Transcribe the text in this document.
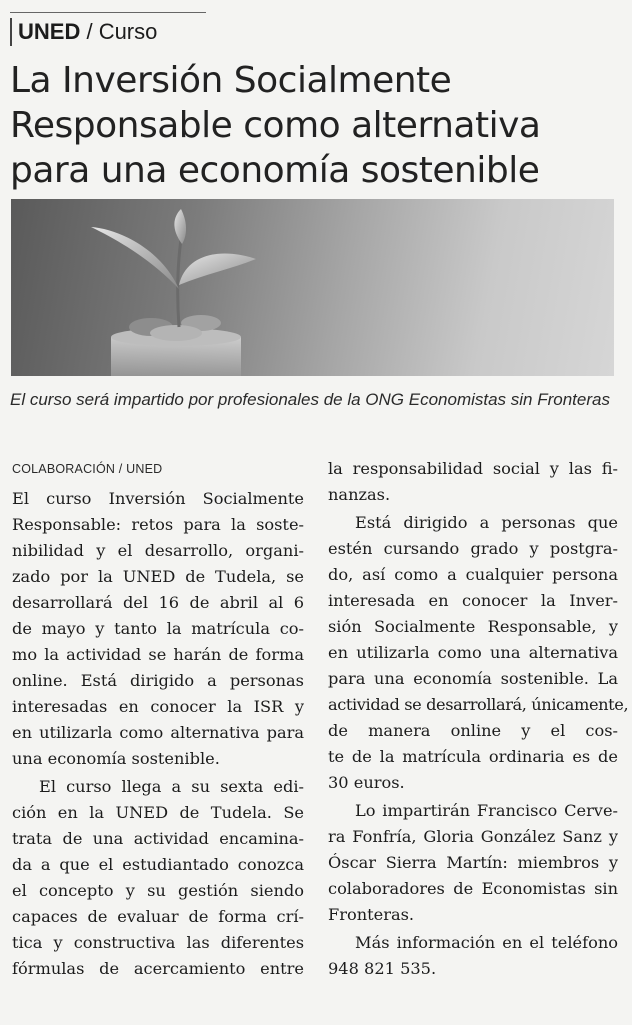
UNED / Curso
La Inversión Socialmente
Responsable como alternativa
para una economía sostenible

El curso será impartido por profesionales de la ONG Economistas sin Fronteras

COLABORACIÓN / UNED

El curso Inversión Socialmente
Responsable: retos para la soste-
nibilidad y el desarrollo, organi-
zado por la UNED de Tudela, se
desarrollará del 16 de abril al 6
de mayo y tanto la matrícula co-
mo la actividad se harán de forma
online. Está dirigido a personas
interesadas en conocer la ISR y
en utilizarla como alternativa para
una economía sostenible.

El curso llega a su sexta edi-
ción en la UNED de Tudela. Se
trata de una actividad encamina-
da a que el estudiantado conozca
el concepto y su gestión siendo
capaces de evaluar de forma crí-
tica y constructiva las diferentes
fórmulas de acercamiento entre

la responsabilidad social y las fi-
nanzas.

Está dirigido a personas que
estén cursando grado y postgra-
do, así como a cualquier persona
interesada en conocer la Inver-
sión Socialmente Responsable, y
en utilizarla como una alternativa
para una economía sostenible. La
actividad se desarrollará, únicamente,
de manera online y el cos-
te de la matrícula ordinaria es de
30 euros.

Lo impartirán Francisco Cerve-
ra Fonfría, Gloria González Sanz y
Óscar Sierra Martín: miembros y
colaboradores de Economistas sin
Fronteras.

Más información en el teléfono
948 821 535.
